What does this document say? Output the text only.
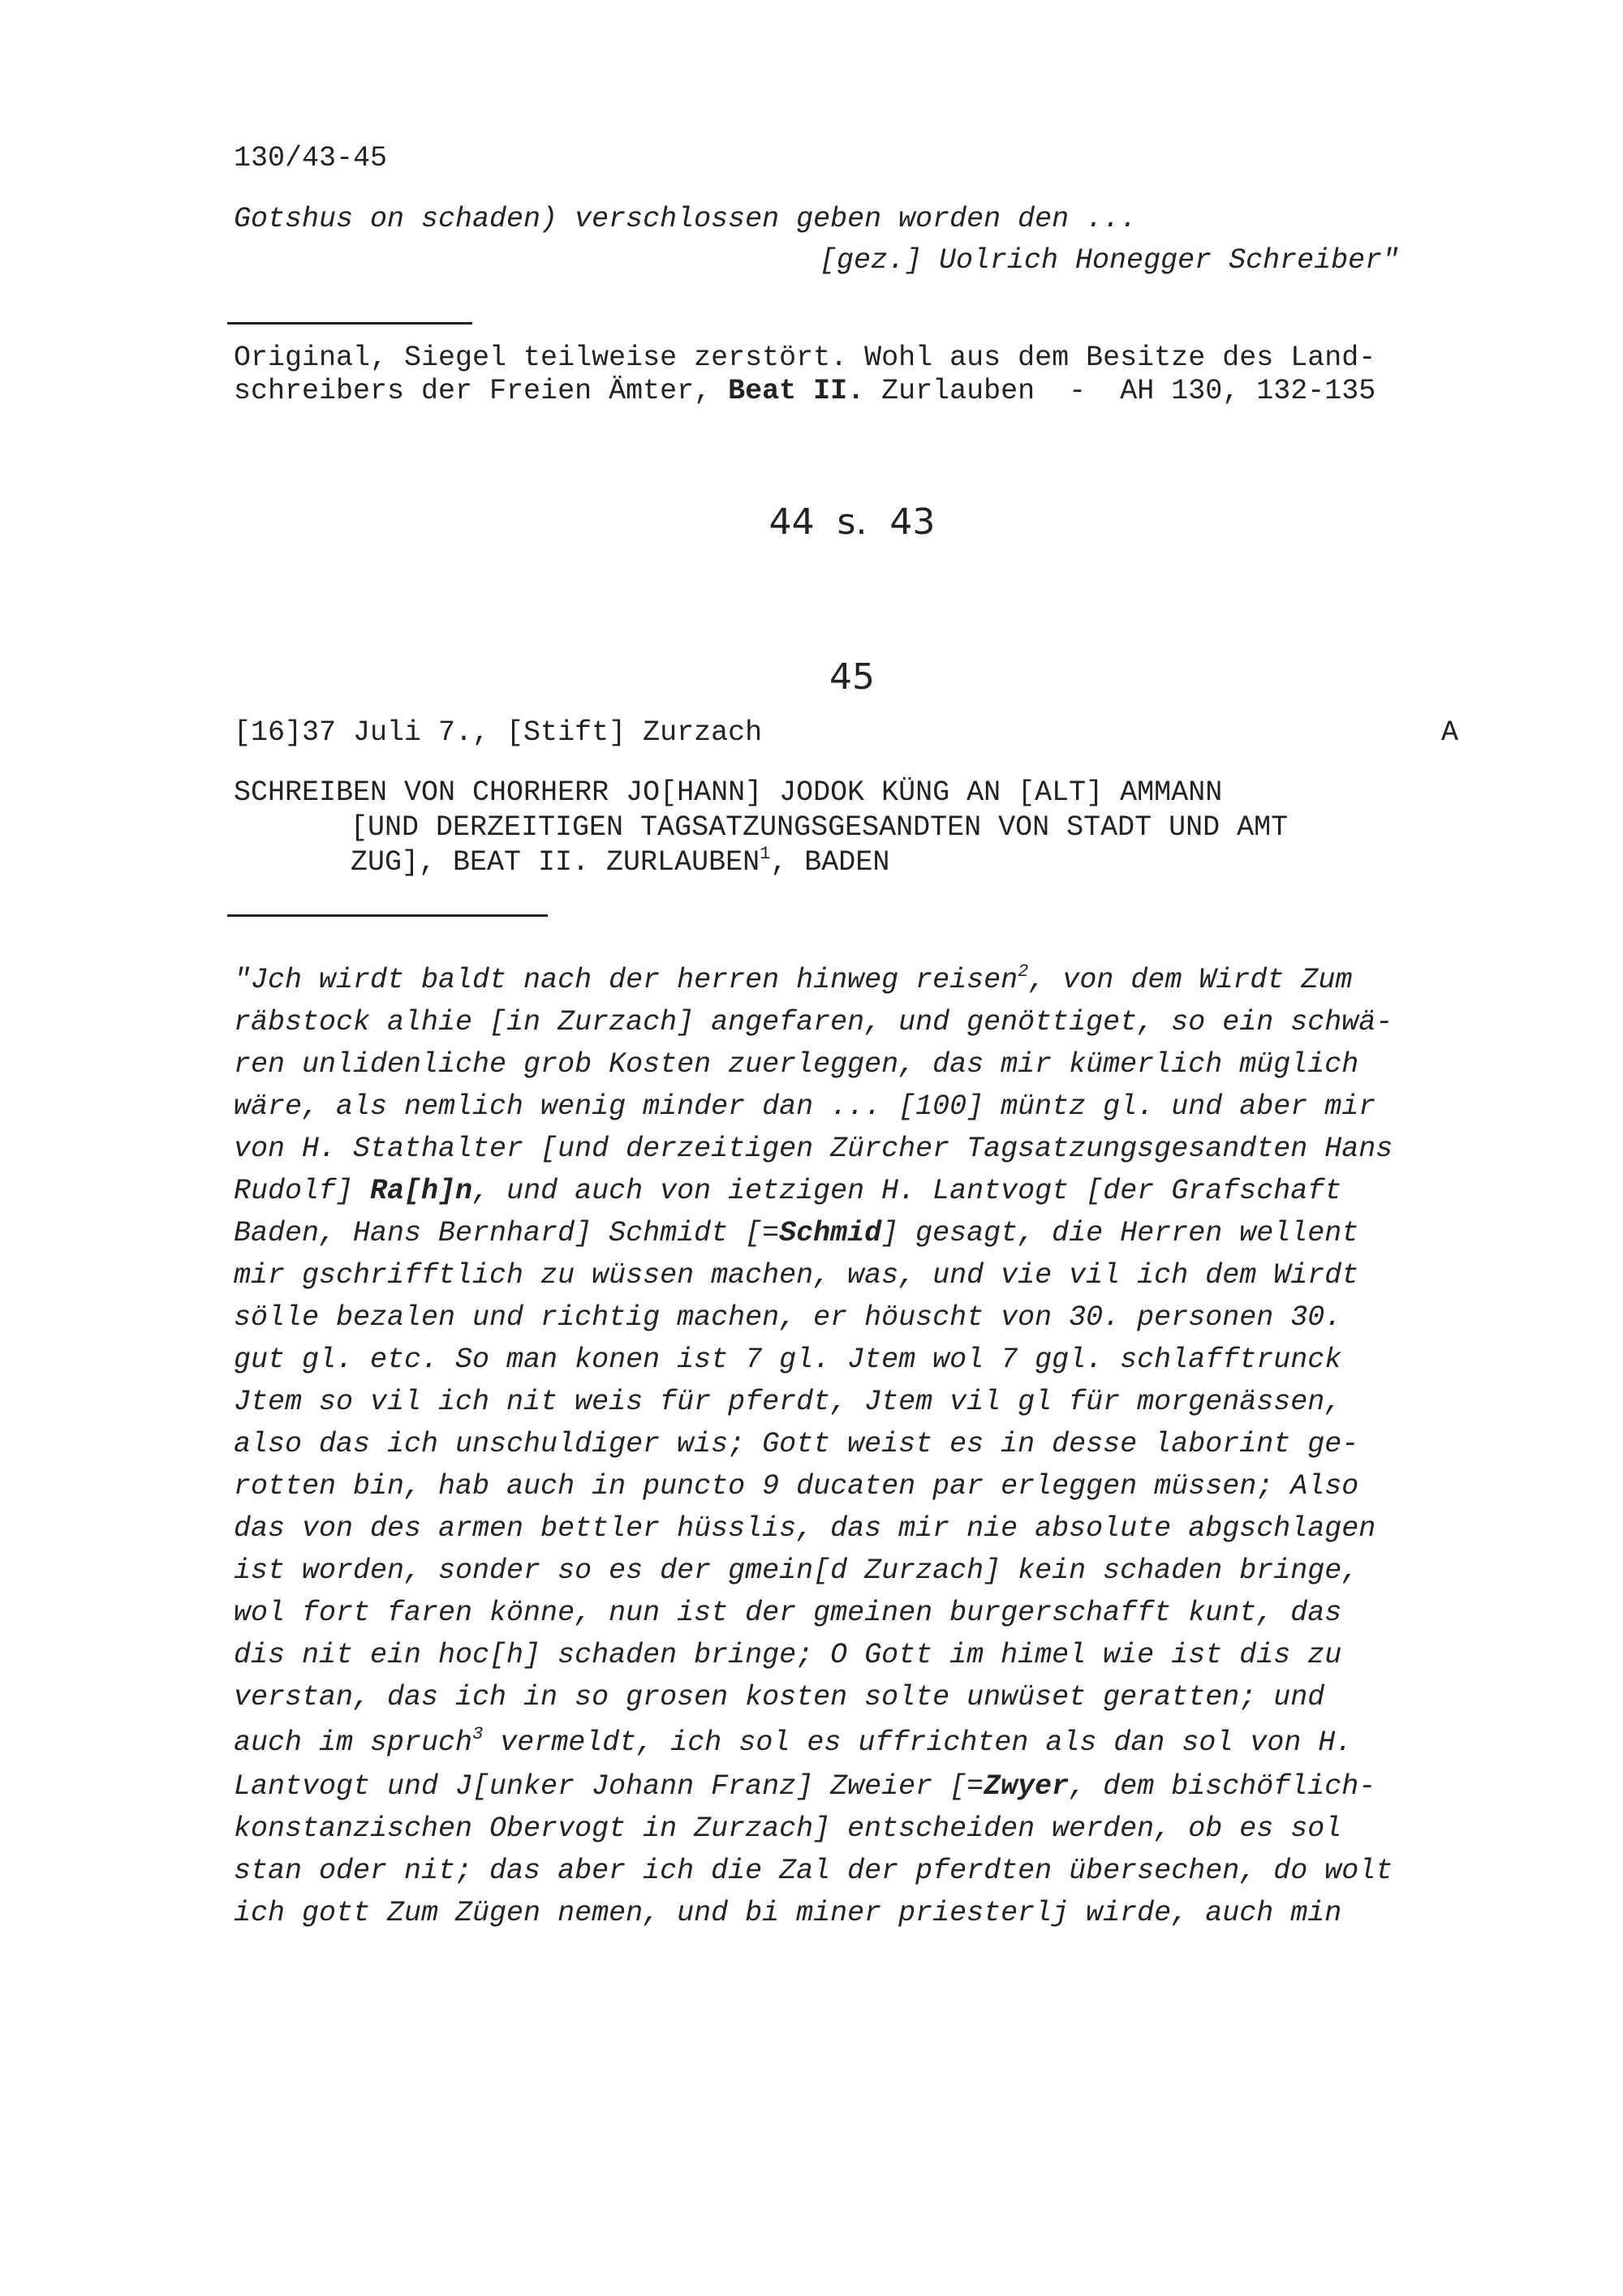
130/43-45
Gotshus on schaden) verschlossen geben worden den ...
[gez.] Uolrich Honegger Schreiber"
Original, Siegel teilweise zerstört. Wohl aus dem Besitze des Land-
schreibers der Freien Ämter, Beat II. Zurlauben  -  AH 130, 132-135
44  s.  43
45
[16]37 Juli 7., [Stift] Zurzach	A
SCHREIBEN VON CHORHERR JO[HANN] JODOK KÜNG AN [ALT] AMMANN
[UND DERZEITIGEN TAGSATZUNGSGESANDTEN VON STADT UND AMT
ZUG], BEAT II. ZURLAUBEN$^1$, BADEN
"Jch wirdt baldt nach der herren hinweg reisen$^2$, von dem Wirdt Zum
räbstock alhie [in Zurzach] angefaren, und genöttiget, so ein schwä-
ren unlidenliche grob Kosten zuerleggen, das mir kümerlich müglich
wäre, als nemlich wenig minder dan ... [100] müntz gl. und aber mir
von H. Stathalter [und derzeitigen Zürcher Tagsatzungsgesandten Hans
Rudolf] Ra[h]n, und auch von ietzigen H. Lantvogt [der Grafschaft
Baden, Hans Bernhard] Schmidt [=Schmid] gesagt, die Herren wellent
mir gschrifftlich zu wüssen machen, was, und vie vil ich dem Wirdt
sölle bezalen und richtig machen, er höuscht von 30. personen 30.
gut gl. etc. So man konen ist 7 gl. Jtem wol 7 ggl. schlafftrunck
Jtem so vil ich nit weis für pferdt, Jtem vil gl für morgenässen,
also das ich unschuldiger wis; Gott weist es in desse laborint ge-
rotten bin, hab auch in puncto 9 ducaten par erleggen müssen; Also
das von des armen bettler hüsslis, das mir nie absolute abgschlagen
ist worden, sonder so es der gmein[d Zurzach] kein schaden bringe,
wol fort faren könne, nun ist der gmeinen burgerschafft kunt, das
dis nit ein hoc[h] schaden bringe; O Gott im himel wie ist dis zu
verstan, das ich in so grosen kosten solte unwüset geratten; und
auch im spruch$^3$ vermeldt, ich sol es uffrichten als dan sol von H.
Lantvogt und J[unker Johann Franz] Zweier [=Zwyer, dem bischöflich-
konstanzischen Obervogt in Zurzach] entscheiden werden, ob es sol
stan oder nit; das aber ich die Zal der pferdten übersechen, do wolt
ich gott Zum Zügen nemen, und bi miner priesterlj wirde, auch min
